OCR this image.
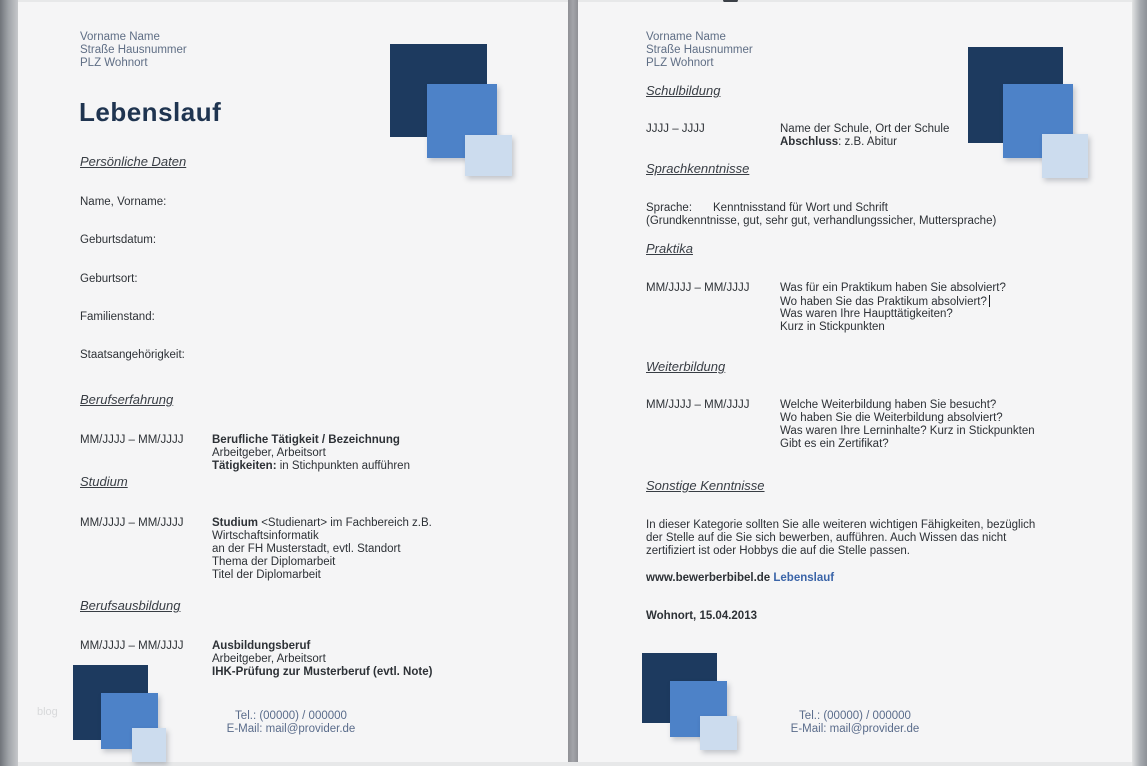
Vorname Name
Straße Hausnummer
PLZ Wohnort
Lebenslauf
Persönliche Daten
Name, Vorname:
Geburtsdatum:
Geburtsort:
Familienstand:
Staatsangehörigkeit:
Berufserfahrung
MM/JJJJ – MM/JJJJ Berufliche Tätigkeit / Bezeichnung
Arbeitgeber, Arbeitsort
Tätigkeiten: in Stichpunkten aufführen
Studium
MM/JJJJ – MM/JJJJ Studium <Studienart> im Fachbereich z.B.
Wirtschaftsinformatik
an der FH Musterstadt, evtl. Standort
Thema der Diplomarbeit
Titel der Diplomarbeit
Berufsausbildung
MM/JJJJ – MM/JJJJ Ausbildungsberuf
Arbeitgeber, Arbeitsort
IHK-Prüfung zur Musterberuf (evtl. Note)
blog	Tel.: (00000) / 000000
E-Mail: mail@provider.de
Vorname Name
Straße Hausnummer
PLZ Wohnort
Schulbildung
JJJJ – JJJJ	Name der Schule, Ort der Schule
Abschluss: z.B. Abitur
Sprachkenntnisse
Sprache: Kenntnisstand für Wort und Schrift
(Grundkenntnisse, gut, sehr gut, verhandlungssicher, Muttersprache)
Praktika
MM/JJJJ – MM/JJJJ	Was für ein Praktikum haben Sie absolviert?
Wo haben Sie das Praktikum absolviert?
Was waren Ihre Haupttätigkeiten?
Kurz in Stickpunkten
Weiterbildung
MM/JJJJ – MM/JJJJ	Welche Weiterbildung haben Sie besucht?
Wo haben Sie die Weiterbildung absolviert?
Was waren Ihre Lerninhalte? Kurz in Stickpunkten
Gibt es ein Zertifikat?
Sonstige Kenntnisse
In dieser Kategorie sollten Sie alle weiteren wichtigen Fähigkeiten, bezüglich der Stelle auf die Sie sich bewerben, aufführen. Auch Wissen das nicht zertifiziert ist oder Hobbys die auf die Stelle passen.
www.bewerberbibel.de Lebenslauf
Wohnort, 15.04.2013
Tel.: (00000) / 000000
E-Mail: mail@provider.de
